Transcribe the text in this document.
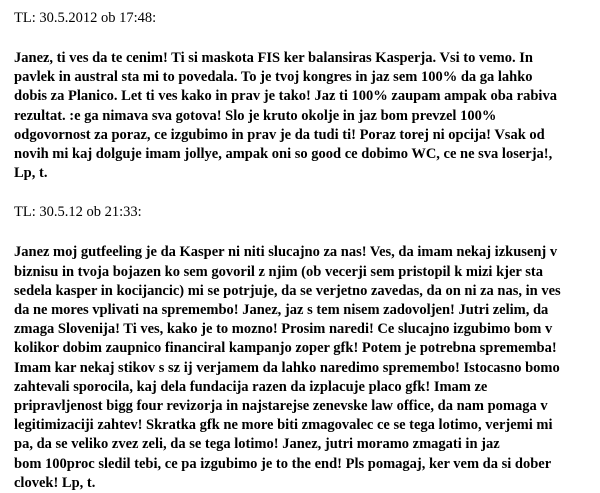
TL: 30.5.2012 ob 17:48:
Janez, ti ves da te cenim! Ti si maskota FIS ker balansiras Kasperja. Vsi to vemo. In
pavlek in austral sta mi to povedala. To je tvoj kongres in jaz sem 100% da ga lahko
dobis za Planico. Let ti ves kako in prav je tako! Jaz ti 100% zaupam ampak oba rabiva
rezultat. :e ga nimava sva gotova! Slo je kruto okolje in jaz bom prevzel 100%
odgovornost za poraz, ce izgubimo in prav je da tudi ti! Poraz torej ni opcija! Vsak od
novih mi kaj dolguje imam jollye, ampak oni so good ce dobimo WC, ce ne sva loserja!,
Lp, t.
TL: 30.5.12 ob 21:33:
Janez moj gutfeeling je da Kasper ni niti slucajno za nas! Ves, da imam nekaj izkusenj v
biznisu in tvoja bojazen ko sem govoril z njim (ob vecerji sem pristopil k mizi kjer sta
sedela kasper in kocijancic) mi se potrjuje, da se verjetno zavedas, da on ni za nas, in ves
da ne mores vplivati na spremembo! Janez, jaz s tem nisem zadovoljen! Jutri zelim, da
zmaga Slovenija! Ti ves, kako je to mozno! Prosim naredi! Ce slucajno izgubimo bom v
kolikor dobim zaupnico financiral kampanjo zoper gfk! Potem je potrebna sprememba!
Imam kar nekaj stikov s sz ij verjamem da lahko naredimo spremembo! Istocasno bomo
zahtevali sporocila, kaj dela fundacija razen da izplacuje placo gfk! Imam ze
pripravljenost bigg four revizorja in najstarejse zenevske law office, da nam pomaga v
legitimizaciji zahtev! Skratka gfk ne more biti zmagovalec ce se tega lotimo, verjemi mi
pa, da se veliko zvez zeli, da se tega lotimo! Janez, jutri moramo zmagati in jaz
bom 100proc sledil tebi, ce pa izgubimo je to the end! Pls pomagaj, ker vem da si dober
clovek! Lp, t.
